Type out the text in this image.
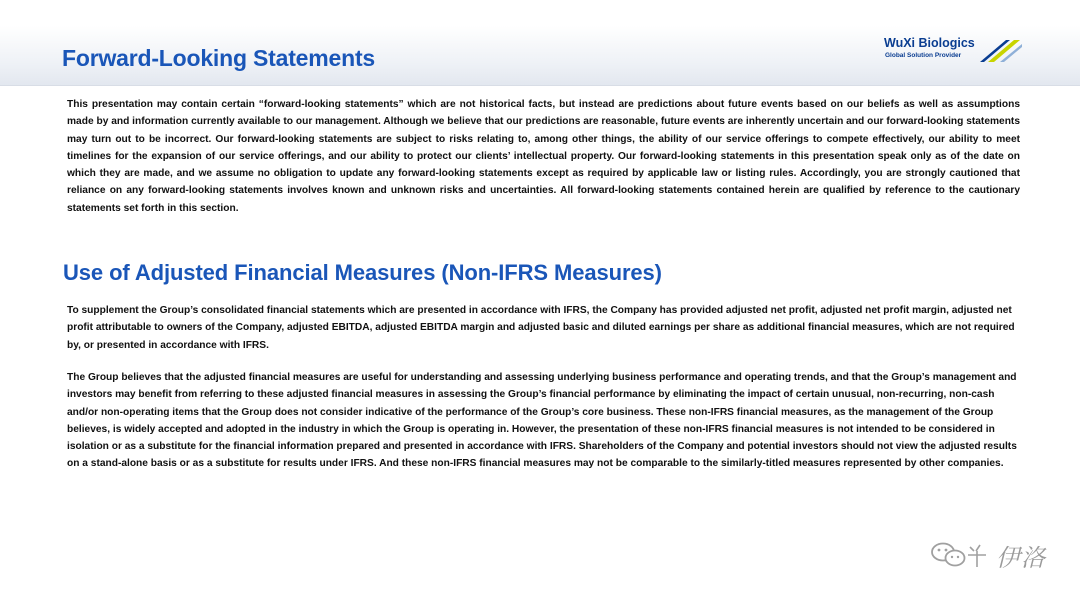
Forward-Looking Statements
WuXi Biologics
Global Solution Provider

This presentation may contain certain “forward-looking statements” which are not historical facts, but instead are predictions about future events based on our beliefs as well as assumptions made by and information currently available to our management. Although we believe that our predictions are reasonable, future events are inherently uncertain and our forward-looking statements may turn out to be incorrect. Our forward-looking statements are subject to risks relating to, among other things, the ability of our service offerings to compete effectively, our ability to meet timelines for the expansion of our service offerings, and our ability to protect our clients’ intellectual property. Our forward-looking statements in this presentation speak only as of the date on which they are made, and we assume no obligation to update any forward-looking statements except as required by applicable law or listing rules. Accordingly, you are strongly cautioned that reliance on any forward-looking statements involves known and unknown risks and uncertainties. All forward-looking statements contained herein are qualified by reference to the cautionary statements set forth in this section.

Use of Adjusted Financial Measures (Non-IFRS Measures)

To supplement the Group’s consolidated financial statements which are presented in accordance with IFRS, the Company has provided adjusted net profit, adjusted net profit margin, adjusted net profit attributable to owners of the Company, adjusted EBITDA, adjusted EBITDA margin and adjusted basic and diluted earnings per share as additional financial measures, which are not required by, or presented in accordance with IFRS.

The Group believes that the adjusted financial measures are useful for understanding and assessing underlying business performance and operating trends, and that the Group’s management and investors may benefit from referring to these adjusted financial measures in assessing the Group’s financial performance by eliminating the impact of certain unusual, non-recurring, non-cash and/or non-operating items that the Group does not consider indicative of the performance of the Group’s core business. These non-IFRS financial measures, as the management of the Group believes, is widely accepted and adopted in the industry in which the Group is operating in. However, the presentation of these non-IFRS financial measures is not intended to be considered in isolation or as a substitute for the financial information prepared and presented in accordance with IFRS. Shareholders of the Company and potential investors should not view the adjusted results on a stand-alone basis or as a substitute for results under IFRS. And these non-IFRS financial measures may not be comparable to the similarly-titled measures represented by other companies.

伊洛
